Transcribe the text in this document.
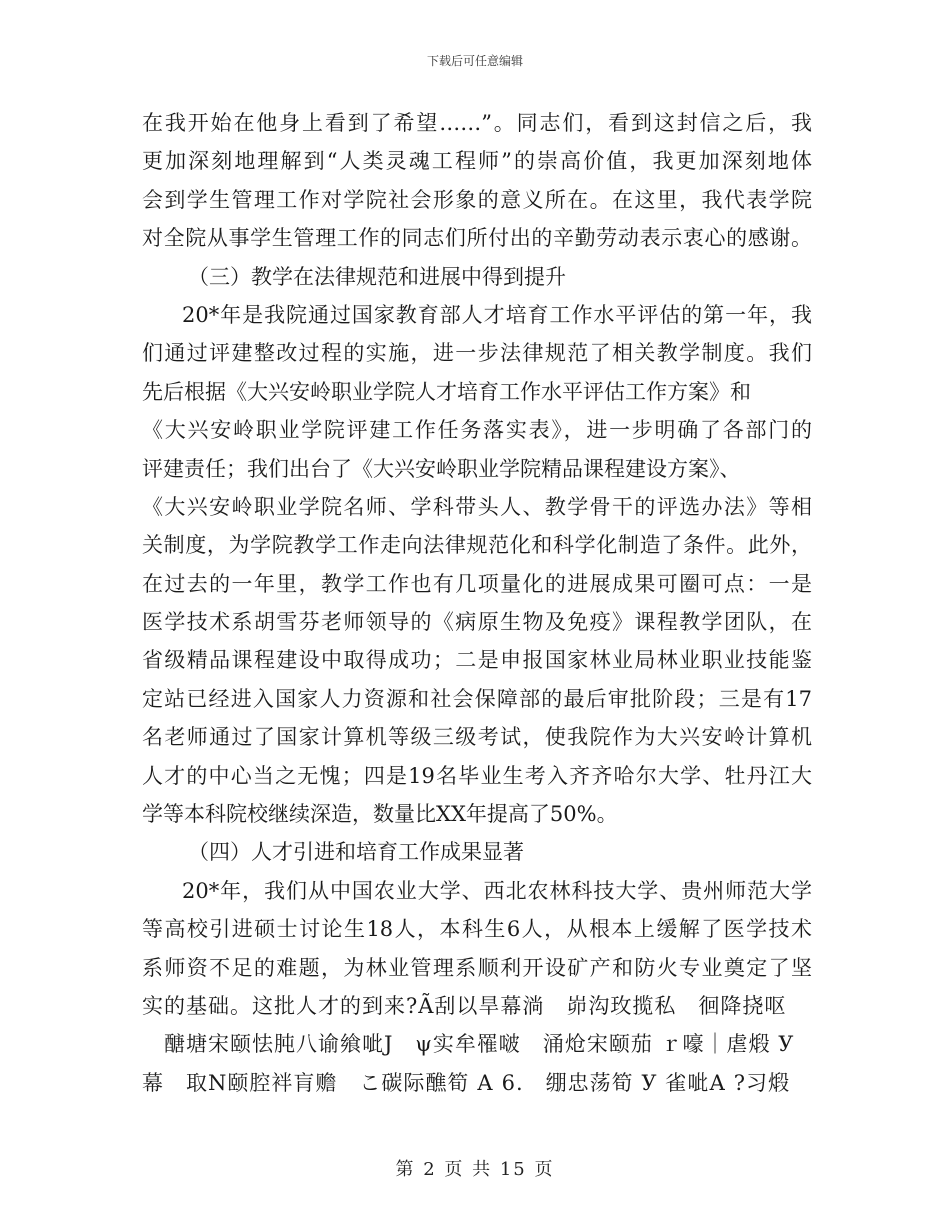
下载后可任意编辑
在我开始在他身上看到了希望……”。同志们，看到这封信之后，我
更加深刻地理解到“人类灵魂工程师”的崇高价值，我更加深刻地体
会到学生管理工作对学院社会形象的意义所在。在这里，我代表学院
对全院从事学生管理工作的同志们所付出的辛勤劳动表示衷心的感谢。
（三）教学在法律规范和进展中得到提升
20*年是我院通过国家教育部人才培育工作水平评估的第一年，我
们通过评建整改过程的实施，进一步法律规范了相关教学制度。我们
先后根据《大兴安岭职业学院人才培育工作水平评估工作方案》和
《大兴安岭职业学院评建工作任务落实表》，进一步明确了各部门的
评建责任；我们出台了《大兴安岭职业学院精品课程建设方案》、
《大兴安岭职业学院名师、学科带头人、教学骨干的评选办法》等相
关制度，为学院教学工作走向法律规范化和科学化制造了条件。此外，
在过去的一年里，教学工作也有几项量化的进展成果可圈可点：一是
医学技术系胡雪芬老师领导的《病原生物及免疫》课程教学团队，在
省级精品课程建设中取得成功；二是申报国家林业局林业职业技能鉴
定站已经进入国家人力资源和社会保障部的最后审批阶段；三是有17
名老师通过了国家计算机等级三级考试，使我院作为大兴安岭计算机
人才的中心当之无愧；四是19名毕业生考入齐齐哈尔大学、牡丹江大
学等本科院校继续深造，数量比XX年提高了50%。
（四）人才引进和培育工作成果显著
20*年，我们从中国农业大学、西北农林科技大学、贵州师范大学
等高校引进硕士讨论生18人，本科生6人，从根本上缓解了医学技术
系师资不足的难题，为林业管理系顺利开设矿产和防火专业奠定了坚
实的基础。这批人才的到来?Ã刮以旱幕淌　峁沟玫揽私　徊降挠呕
　醣塘宋颐怯肫八谕飨呲J　ψ实牟罹啵　涌炝宋颐茄 ｒ嚎｜虐煅 У
幕　取N颐腔袢肓赡　こ碳际醮筍 А 6.　绷忠荡筍 У 雀呲А ?习煅
第 2 页 共 15 页
